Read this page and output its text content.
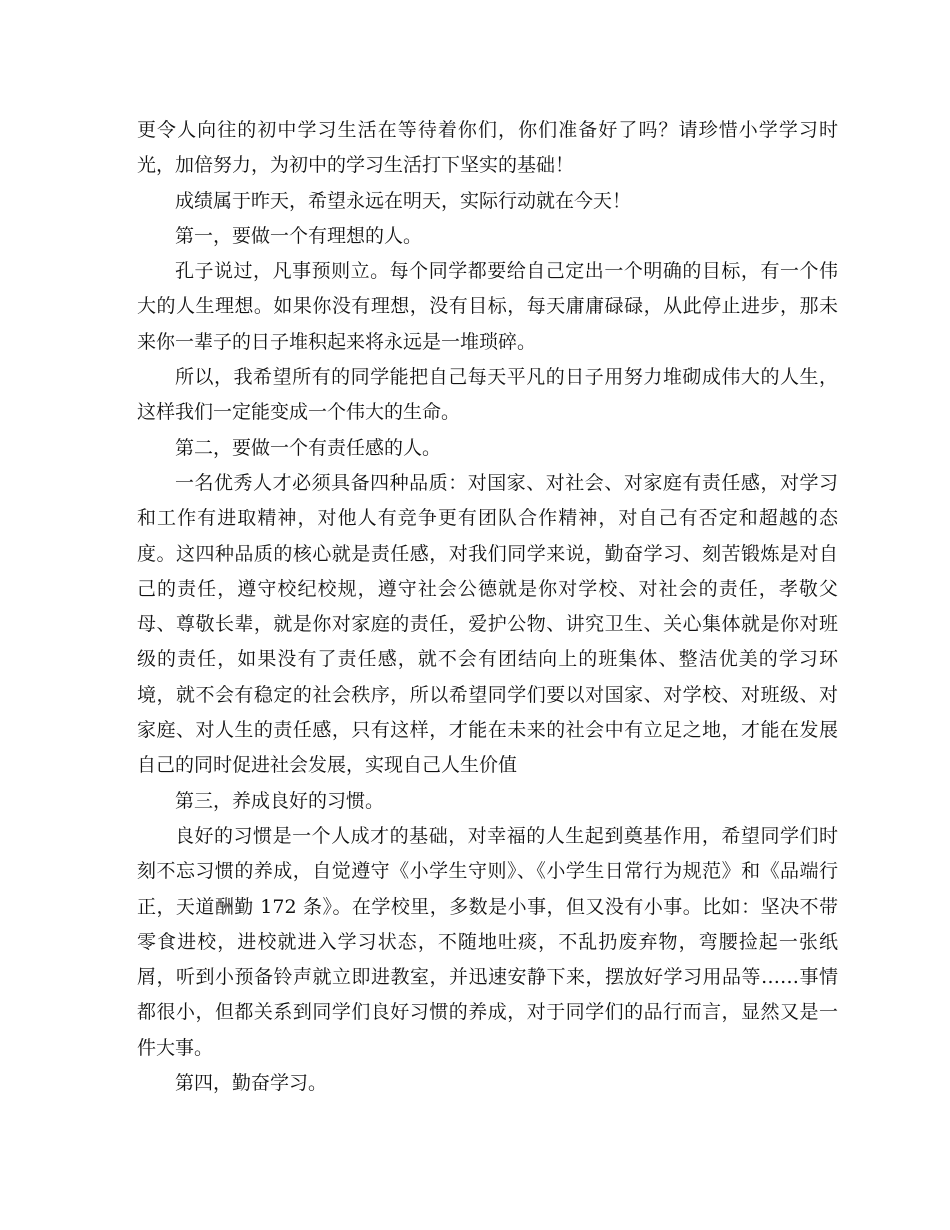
更令人向往的初中学习生活在等待着你们，你们准备好了吗？请珍惜小学学习时光，加倍努力，为初中的学习生活打下坚实的基础！

成绩属于昨天，希望永远在明天，实际行动就在今天！

第一，要做一个有理想的人。

孔子说过，凡事预则立。每个同学都要给自己定出一个明确的目标，有一个伟大的人生理想。如果你没有理想，没有目标，每天庸庸碌碌，从此停止进步，那未来你一辈子的日子堆积起来将永远是一堆琐碎。

所以，我希望所有的同学能把自己每天平凡的日子用努力堆砌成伟大的人生，这样我们一定能变成一个伟大的生命。

第二，要做一个有责任感的人。

一名优秀人才必须具备四种品质：对国家、对社会、对家庭有责任感，对学习和工作有进取精神，对他人有竞争更有团队合作精神，对自己有否定和超越的态度。这四种品质的核心就是责任感，对我们同学来说，勤奋学习、刻苦锻炼是对自己的责任，遵守校纪校规，遵守社会公德就是你对学校、对社会的责任，孝敬父母、尊敬长辈，就是你对家庭的责任，爱护公物、讲究卫生、关心集体就是你对班级的责任，如果没有了责任感，就不会有团结向上的班集体、整洁优美的学习环境，就不会有稳定的社会秩序，所以希望同学们要以对国家、对学校、对班级、对家庭、对人生的责任感，只有这样，才能在未来的社会中有立足之地，才能在发展自己的同时促进社会发展，实现自己人生价值

第三，养成良好的习惯。

良好的习惯是一个人成才的基础，对幸福的人生起到奠基作用，希望同学们时刻不忘习惯的养成，自觉遵守《小学生守则》、《小学生日常行为规范》和《品端行正，天道酬勤 172 条》。在学校里，多数是小事，但又没有小事。比如：坚决不带零食进校，进校就进入学习状态，不随地吐痰，不乱扔废弃物，弯腰捡起一张纸屑，听到小预备铃声就立即进教室，并迅速安静下来，摆放好学习用品等……事情都很小，但都关系到同学们良好习惯的养成，对于同学们的品行而言，显然又是一件大事。

第四，勤奋学习。
